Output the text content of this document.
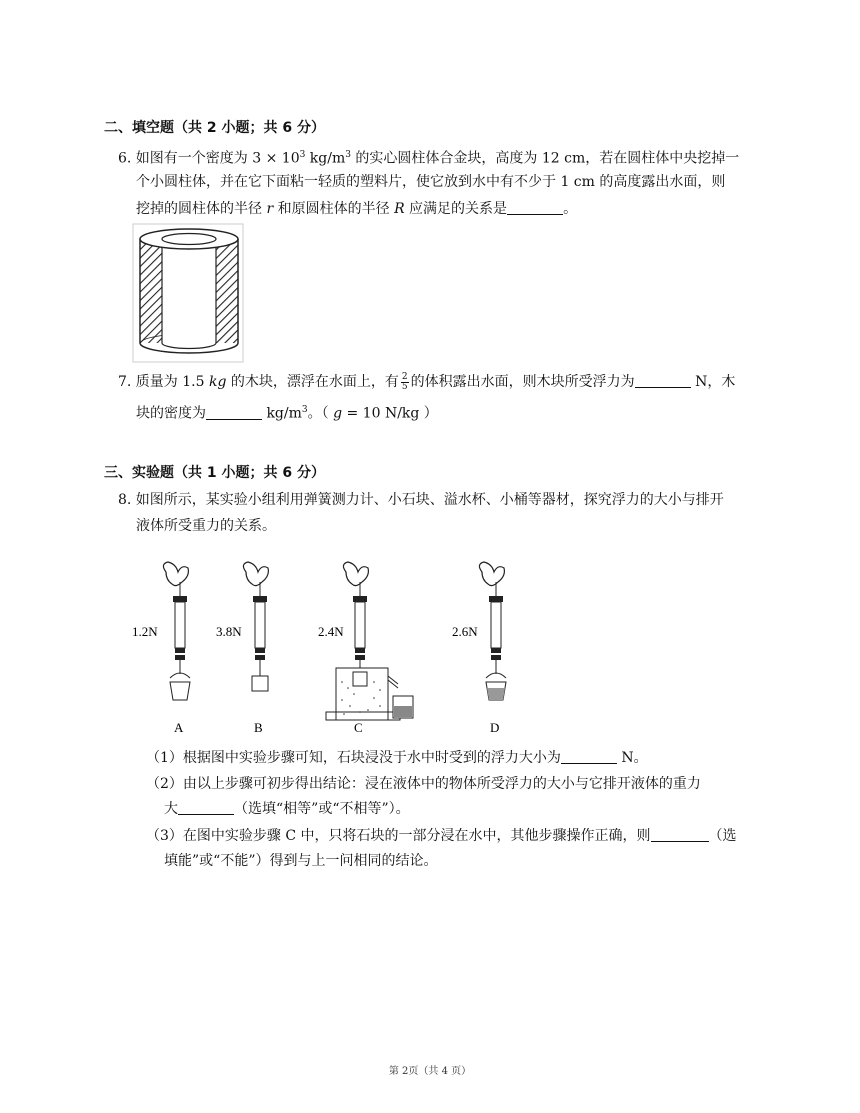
二、填空题（共 2 小题；共 6 分）
6. 如图有一个密度为 $3 \times 10^3$ $kg/m^3$ 的实心圆柱体合金块，高度为 12 cm，若在圆柱体中央挖掉一
个小圆柱体，并在它下面粘一轻质的塑料片，使它放到水中有不少于 1 cm 的高度露出水面，则
挖掉的圆柱体的半径 r 和原圆柱体的半径 R 应满足的关系是	。
7. 质量为 1.5 kg 的木块，漂浮在水面上，有 $\frac{2}{5}$ 的体积露出水面，则木块所受浮力为	N，木
块的密度为	$kg/m^3$。（ g = 10 N/kg ）
三、实验题（共 1 小题；共 6 分）
8. 如图所示，某实验小组利用弹簧测力计、小石块、溢水杯、小桶等器材，探究浮力的大小与排开
液体所受重力的关系。
1.2N
A
3.8N
B
2.4N
C
2.6N
D
（1）根据图中实验步骤可知，石块浸没于水中时受到的浮力大小为	N。
（2）由以上步骤可初步得出结论：浸在液体中的物体所受浮力的大小与它排开液体的重力
大	（选填“相等”或“不相等”）。
（3）在图中实验步骤 C 中，只将石块的一部分浸在水中，其他步骤操作正确，则	（选
填能”或“不能”）得到与上一问相同的结论。
第 2页（共 4 页）
